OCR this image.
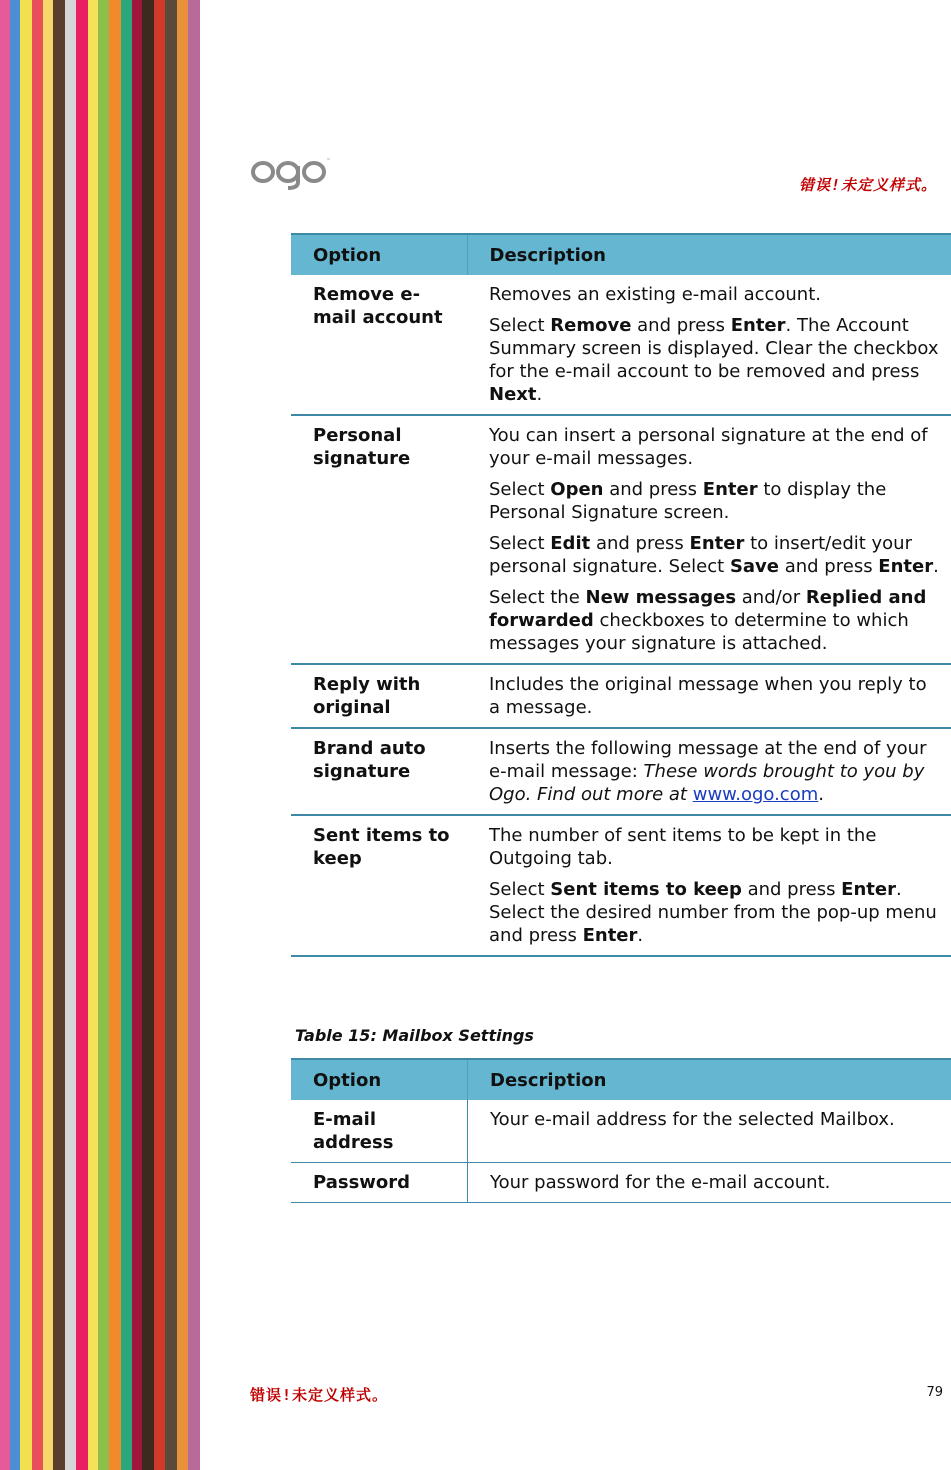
™
错误!未定义样式。
Option	Description
Remove e-mail account	Removes an existing e-mail account.

Select Remove and press Enter. The Account Summary screen is displayed. Clear the checkbox for the e-mail account to be removed and press Next.

Personal signature	You can insert a personal signature at the end of your e-mail messages.

Select Open and press Enter to display the Personal Signature screen.

Select Edit and press Enter to insert/edit your personal signature. Select Save and press Enter.

Select the New messages and/or Replied and forwarded checkboxes to determine to which messages your signature is attached.

Reply with original	Includes the original message when you reply to a message.

Brand auto signature	Inserts the following message at the end of your e-mail message: These words brought to you by Ogo. Find out more at www.ogo.com.

Sent items to keep	The number of sent items to be kept in the Outgoing tab.

Select Sent items to keep and press Enter. Select the desired number from the pop-up menu and press Enter.

Table 15: Mailbox Settings
Option	Description
E-mail address	Your e-mail address for the selected Mailbox.
Password	Your password for the e-mail account.
错误!未定义样式。	79
